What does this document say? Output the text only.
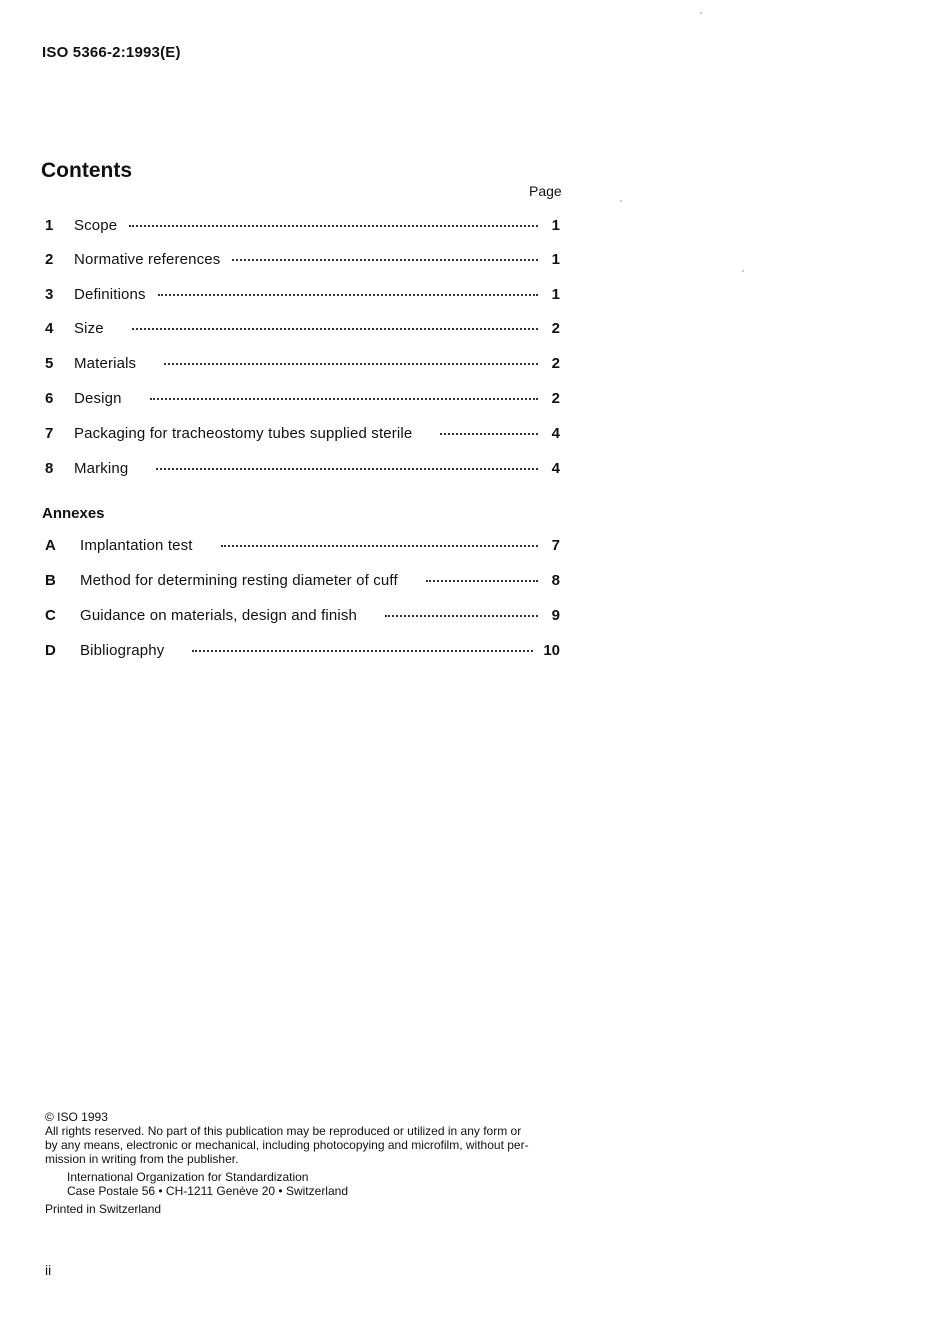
ISO 5366-2:1993(E)
Contents
Page
1	Scope	1
2	Normative references	1
3	Definitions	1
4	Size	2
5	Materials	2
6	Design	2
7	Packaging for tracheostomy tubes supplied sterile	4
8	Marking	4
Annexes
A	Implantation test	7
B	Method for determining resting diameter of cuff	8
C	Guidance on materials, design and finish	9
D	Bibliography	10
© ISO 1993
All rights reserved. No part of this publication may be reproduced or utilized in any form or
by any means, electronic or mechanical, including photocopying and microfilm, without per-
mission in writing from the publisher.
International Organization for Standardization
Case Postale 56 • CH-1211 Genève 20 • Switzerland
Printed in Switzerland
ii
